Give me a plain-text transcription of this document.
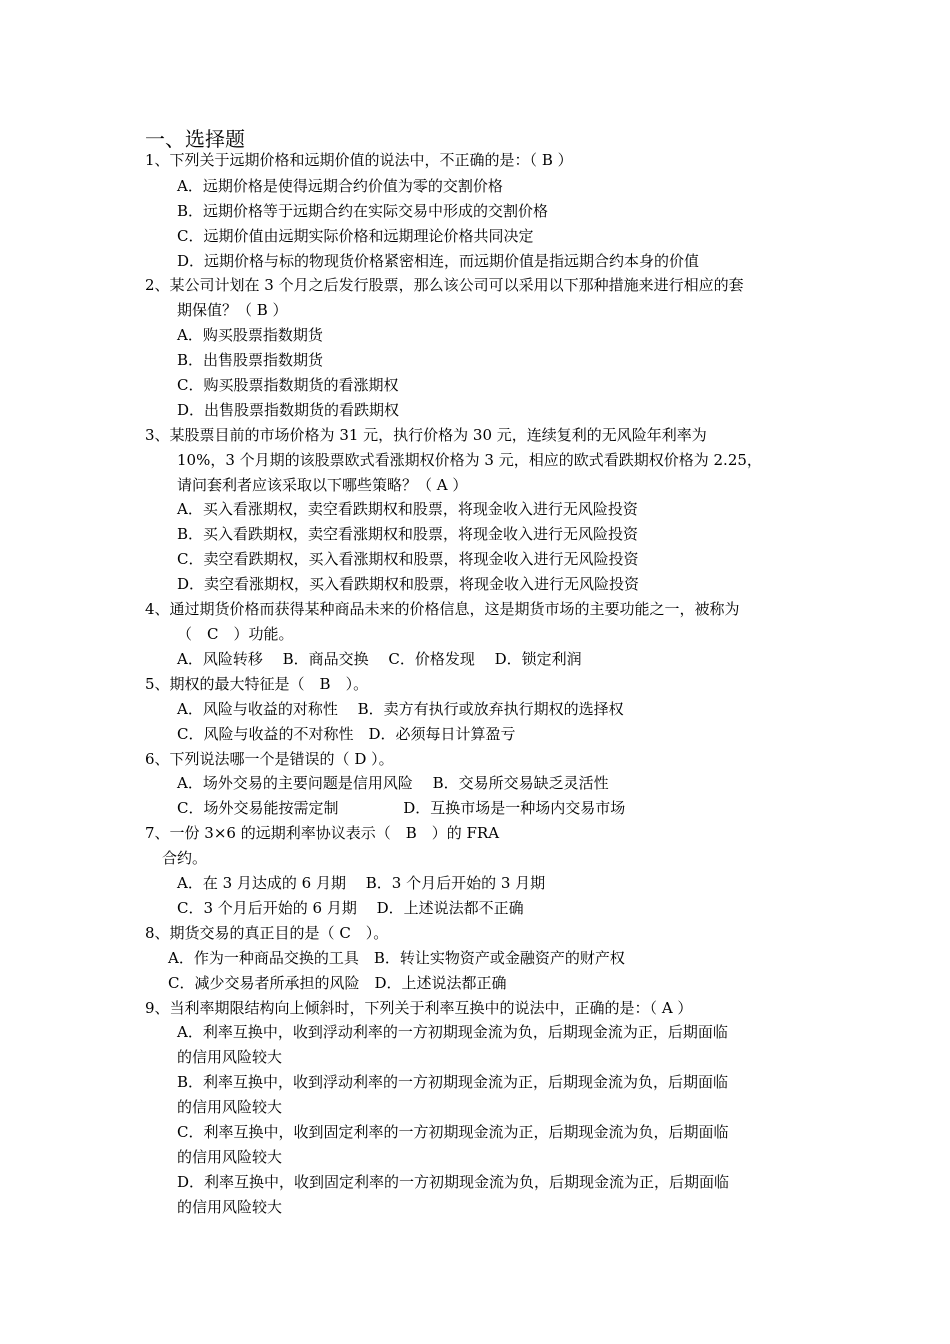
一、选择题
1、下列关于远期价格和远期价值的说法中，不正确的是：（ B ）
A．远期价格是使得远期合约价值为零的交割价格
B．远期价格等于远期合约在实际交易中形成的交割价格
C．远期价值由远期实际价格和远期理论价格共同决定
D．远期价格与标的物现货价格紧密相连，而远期价值是指远期合约本身的价值
2、某公司计划在 3 个月之后发行股票，那么该公司可以采用以下那种措施来进行相应的套
期保值？（ B ）
A．购买股票指数期货
B．出售股票指数期货
C．购买股票指数期货的看涨期权
D．出售股票指数期货的看跌期权
3、某股票目前的市场价格为 31 元，执行价格为 30 元，连续复利的无风险年利率为
10%，3 个月期的该股票欧式看涨期权价格为 3 元，相应的欧式看跌期权价格为 2.25，
请问套利者应该采取以下哪些策略？（ A ）
A．买入看涨期权，卖空看跌期权和股票，将现金收入进行无风险投资
B．买入看跌期权，卖空看涨期权和股票，将现金收入进行无风险投资
C．卖空看跌期权，买入看涨期权和股票，将现金收入进行无风险投资
D．卖空看涨期权，买入看跌期权和股票，将现金收入进行无风险投资
4、通过期货价格而获得某种商品未来的价格信息，这是期货市场的主要功能之一，被称为
（　C　）功能。
A．风险转移　 B．商品交换　 C．价格发现　 D．锁定利润
5、期权的最大特征是（　B　）。
A．风险与收益的对称性　 B．卖方有执行或放弃执行期权的选择权
C．风险与收益的不对称性　D．必须每日计算盈亏
6、下列说法哪一个是错误的（ D ）。
A．场外交易的主要问题是信用风险　 B．交易所交易缺乏灵活性
C．场外交易能按需定制　　　　 D．互换市场是一种场内交易市场
7、一份 3×6 的远期利率协议表示（　B　）的 FRA
合约。
A．在 3 月达成的 6 月期　 B．3 个月后开始的 3 月期
C．3 个月后开始的 6 月期　 D．上述说法都不正确
8、期货交易的真正目的是（ C　）。
A．作为一种商品交换的工具　B．转让实物资产或金融资产的财产权
C．减少交易者所承担的风险　D．上述说法都正确
9、当利率期限结构向上倾斜时，下列关于利率互换中的说法中，正确的是：（ A ）
A．利率互换中，收到浮动利率的一方初期现金流为负，后期现金流为正，后期面临
的信用风险较大
B．利率互换中，收到浮动利率的一方初期现金流为正，后期现金流为负，后期面临
的信用风险较大
C．利率互换中，收到固定利率的一方初期现金流为正，后期现金流为负，后期面临
的信用风险较大
D．利率互换中，收到固定利率的一方初期现金流为负，后期现金流为正，后期面临
的信用风险较大
